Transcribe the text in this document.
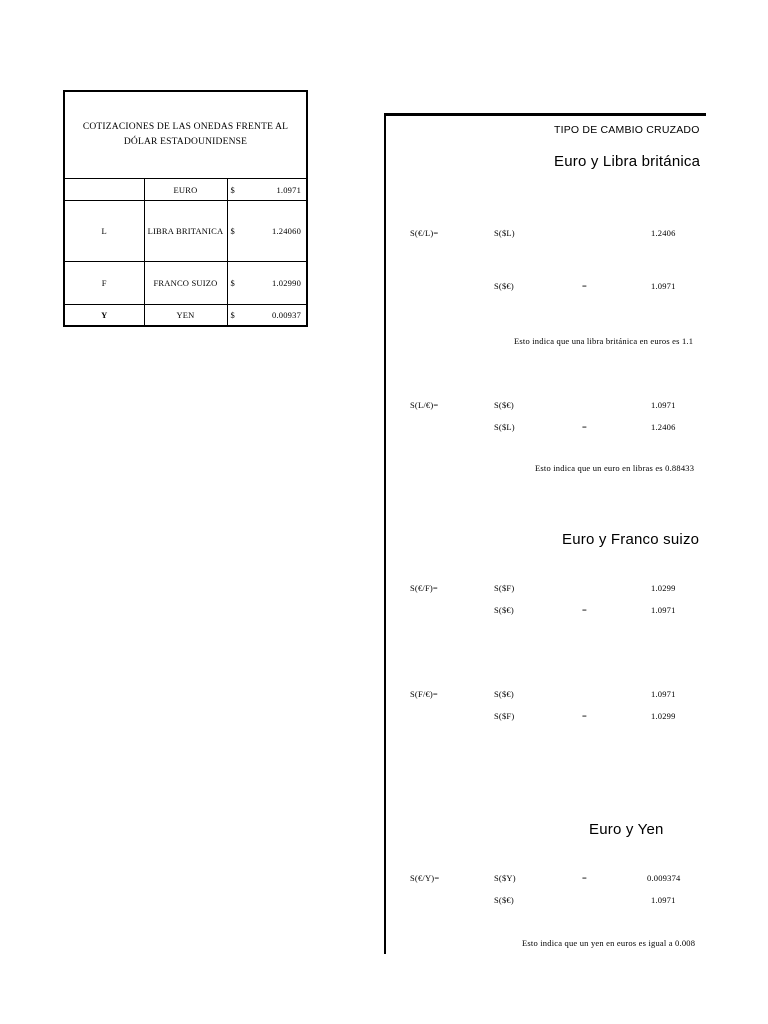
COTIZACIONES DE LAS ONEDAS FRENTE AL DÓLAR ESTADOUNIDENSE			
	EURO	$	1.0971
L	LIBRA BRITANICA	$	1.24060
F	FRANCO SUIZO	$	1.02990
Y	YEN	$	0.00937
TIPO DE CAMBIO CRUZADO
Euro y Libra británica
S(€/L)=	S($L)	1.2406
S($€)	=	1.0971
Esto indica que una libra británica en euros es 1.1
S(L/€)=	S($€)	1.0971
S($L)	=	1.2406
Esto indica que un euro en libras es 0.88433
Euro y Franco suizo
S(€/F)=	S($F)	1.0299
S($€)	=	1.0971
S(F/€)=	S($€)	1.0971
S($F)	=	1.0299
Euro y Yen
S(€/Y)=	S($Y)	=	0.009374
S($€)	1.0971
Esto indica que un yen en euros es igual a 0.008
